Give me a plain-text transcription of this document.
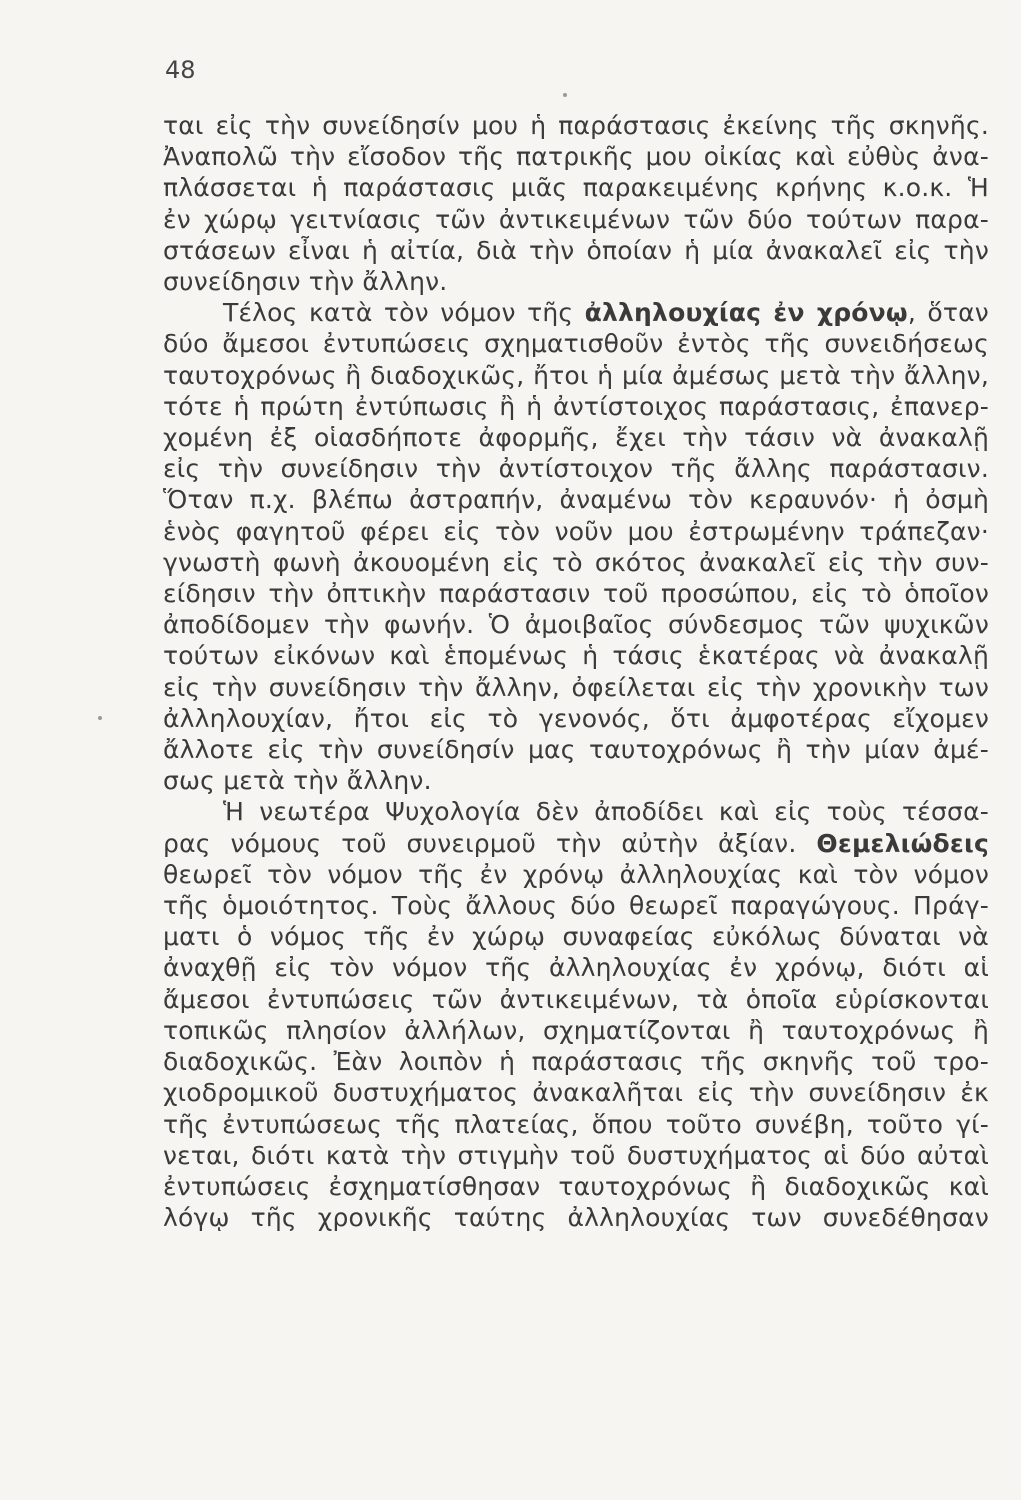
48
ται εἰς τὴν συνείδησίν μου ἡ παράστασις ἐκείνης τῆς σκηνῆς.
Ἀναπολῶ τὴν εἴσοδον τῆς πατρικῆς μου οἰκίας καὶ εὐθὺς ἀνα-
πλάσσεται ἡ παράστασις μιᾶς παρακειμένης κρήνης κ.ο.κ. Ἡ
ἐν χώρῳ γειτνίασις τῶν ἀντικειμένων τῶν δύο τούτων παρα-
στάσεων εἶναι ἡ αἰτία, διὰ τὴν ὁποίαν ἡ μία ἀνακαλεῖ εἰς τὴν
συνείδησιν τὴν ἄλλην.
Τέλος κατὰ τὸν νόμον τῆς ἀλληλουχίας ἐν χρόνῳ, ὅταν
δύο ἄμεσοι ἐντυπώσεις σχηματισθοῦν ἐντὸς τῆς συνειδήσεως
ταυτοχρόνως ἢ διαδοχικῶς, ἤτοι ἡ μία ἀμέσως μετὰ τὴν ἄλλην,
τότε ἡ πρώτη ἐντύπωσις ἢ ἡ ἀντίστοιχος παράστασις, ἐπανερ-
χομένη ἐξ οἱασδήποτε ἀφορμῆς, ἔχει τὴν τάσιν νὰ ἀνακαλῇ
εἰς τὴν συνείδησιν τὴν ἀντίστοιχον τῆς ἄλλης παράστασιν.
Ὅταν π.χ. βλέπω ἀστραπήν, ἀναμένω τὸν κεραυνόν· ἡ ὀσμὴ
ἑνὸς φαγητοῦ φέρει εἰς τὸν νοῦν μου ἐστρωμένην τράπεζαν·
γνωστὴ φωνὴ ἀκουομένη εἰς τὸ σκότος ἀνακαλεῖ εἰς τὴν συν-
είδησιν τὴν ὀπτικὴν παράστασιν τοῦ προσώπου, εἰς τὸ ὁποῖον
ἀποδίδομεν τὴν φωνήν. Ὁ ἀμοιβαῖος σύνδεσμος τῶν ψυχικῶν
τούτων εἰκόνων καὶ ἑπομένως ἡ τάσις ἑκατέρας νὰ ἀνακαλῇ
εἰς τὴν συνείδησιν τὴν ἄλλην, ὀφείλεται εἰς τὴν χρονικὴν των
ἀλληλουχίαν, ἤτοι εἰς τὸ γενονός, ὅτι ἀμφοτέρας εἴχομεν
ἄλλοτε εἰς τὴν συνείδησίν μας ταυτοχρόνως ἢ τὴν μίαν ἀμέ-
σως μετὰ τὴν ἄλλην.
Ἡ νεωτέρα Ψυχολογία δὲν ἀποδίδει καὶ εἰς τοὺς τέσσα-
ρας νόμους τοῦ συνειρμοῦ τὴν αὐτὴν ἀξίαν. Θεμελιώδεις
θεωρεῖ τὸν νόμον τῆς ἐν χρόνῳ ἀλληλουχίας καὶ τὸν νόμον
τῆς ὁμοιότητος. Τοὺς ἄλλους δύο θεωρεῖ παραγώγους. Πράγ-
ματι ὁ νόμος τῆς ἐν χώρῳ συναφείας εὐκόλως δύναται νὰ
ἀναχθῇ εἰς τὸν νόμον τῆς ἀλληλουχίας ἐν χρόνῳ, διότι αἱ
ἄμεσοι ἐντυπώσεις τῶν ἀντικειμένων, τὰ ὁποῖα εὑρίσκονται
τοπικῶς πλησίον ἀλλήλων, σχηματίζονται ἢ ταυτοχρόνως ἢ
διαδοχικῶς. Ἐὰν λοιπὸν ἡ παράστασις τῆς σκηνῆς τοῦ τρο-
χιοδρομικοῦ δυστυχήματος ἀνακαλῆται εἰς τὴν συνείδησιν ἐκ
τῆς ἐντυπώσεως τῆς πλατείας, ὅπου τοῦτο συνέβη, τοῦτο γί-
νεται, διότι κατὰ τὴν στιγμὴν τοῦ δυστυχήματος αἱ δύο αὐταὶ
ἐντυπώσεις ἐσχηματίσθησαν ταυτοχρόνως ἢ διαδοχικῶς καὶ
λόγῳ τῆς χρονικῆς ταύτης ἀλληλουχίας των συνεδέθησαν
